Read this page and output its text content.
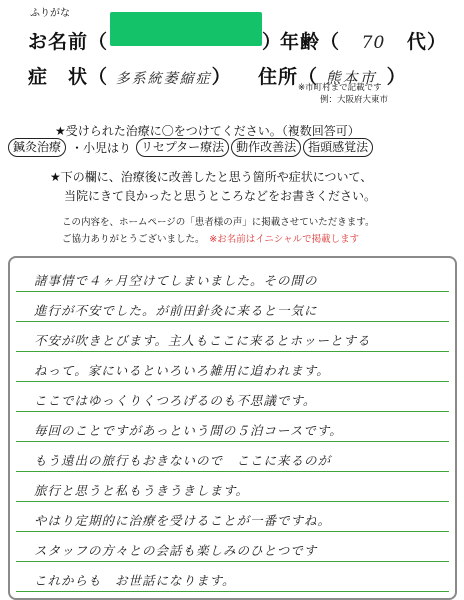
ふりがな
お名前（	）
年齢（ 70 代）
症　状（ 多系統萎縮症） 住所（ 熊本市 ）
※市町村まで記載です
例：大阪府大東市
★受けられた治療に〇をつけてください。（複数回答可）
鍼灸治療 ・小児はり リセプター療法	動作改善法	指頭感覚法
★下の欄に、治療後に改善したと思う箇所や症状について、
当院にきて良かったと思うところなどをお書きください。
この内容を、ホームページの「患者様の声」に掲載させていただきます。
ご協力ありがとうございました。　 ※お名前はイニシャルで掲載します
諸事情で４ヶ月空けてしまいました。その間の
進行が不安でした。が前田針灸に来ると一気に
不安が吹きとびます。主人もここに来るとホッーとする
ねって。家にいるといろいろ雑用に追われます。
ここではゆっくりくつろげるのも不思議です。
毎回のことですがあっという間の５泊コースです。
もう遠出の旅行もおきないので　ここに来るのが
旅行と思うと私もうきうきします。
やはり定期的に治療を受けることが一番ですね。
スタッフの方々との会話も楽しみのひとつです
これからも　お世話になります。
